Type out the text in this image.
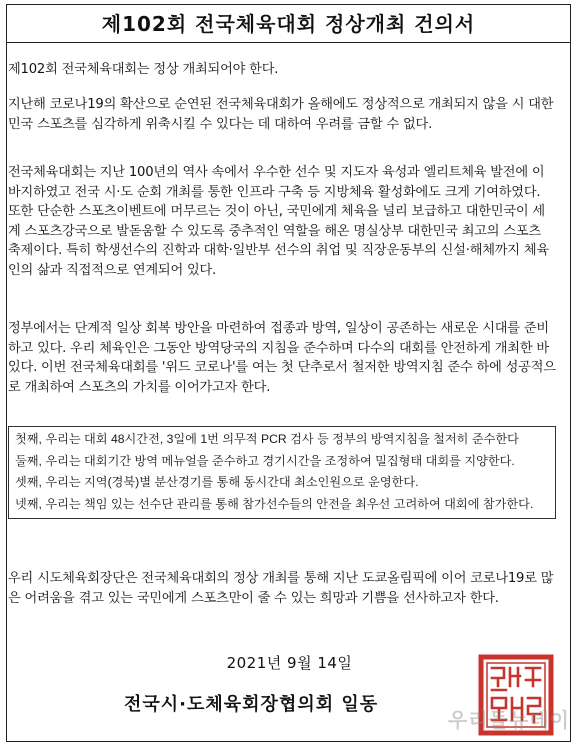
제102회 전국체육대회 정상개최 건의서

제102회 전국체육대회는 정상 개최되어야 한다.

지난해 코로나19의 확산으로 순연된 전국체육대회가 올해에도 정상적으로 개최되지 않을 시 대한민국 스포츠를 심각하게 위축시킬 수 있다는 데 대하여 우려를 금할 수 없다.

전국체육대회는 지난 100년의 역사 속에서 우수한 선수 및 지도자 육성과 엘리트체육 발전에 이바지하였고 전국 시·도 순회 개최를 통한 인프라 구축 등 지방체육 활성화에도 크게 기여하였다. 또한 단순한 스포츠이벤트에 머무르는 것이 아닌, 국민에게 체육을 널리 보급하고 대한민국이 세계 스포츠강국으로 발돋움할 수 있도록 중추적인 역할을 해온 명실상부 대한민국 최고의 스포츠 축제이다. 특히 학생선수의 진학과 대학·일반부 선수의 취업 및 직장운동부의 신설·해체까지 체육인의 삶과 직접적으로 연계되어 있다.

정부에서는 단계적 일상 회복 방안을 마련하여 접종과 방역, 일상이 공존하는 새로운 시대를 준비하고 있다. 우리 체육인은 그동안 방역당국의 지침을 준수하며 다수의 대회를 안전하게 개최한 바 있다. 이번 전국체육대회를 '위드 코로나'를 여는 첫 단추로서 철저한 방역지침 준수 하에 성공적으로 개최하여 스포츠의 가치를 이어가고자 한다.

첫째, 우리는 대회 48시간전, 3일에 1번 의무적 PCR 검사 등 정부의 방역지침을 철저히 준수한다
둘째, 우리는 대회기간 방역 메뉴얼을 준수하고 경기시간을 조정하여 밀집형태 대회를 지양한다.
셋째, 우리는 지역(경북)별 분산경기를 통해 동시간대 최소인원으로 운영한다.
넷째, 우리는 책임 있는 선수단 관리를 통해 참가선수들의 안전을 최우선 고려하여 대회에 참가한다.

우리 시도체육회장단은 전국체육대회의 정상 개최를 통해 지난 도쿄올림픽에 이어 코로나19로 많은 어려움을 겪고 있는 국민에게 스포츠만이 줄 수 있는 희망과 기쁨을 선사하고자 한다.

2021년 9월 14일
전국시·도체육회장협의회 일동
우리들뉴데이
